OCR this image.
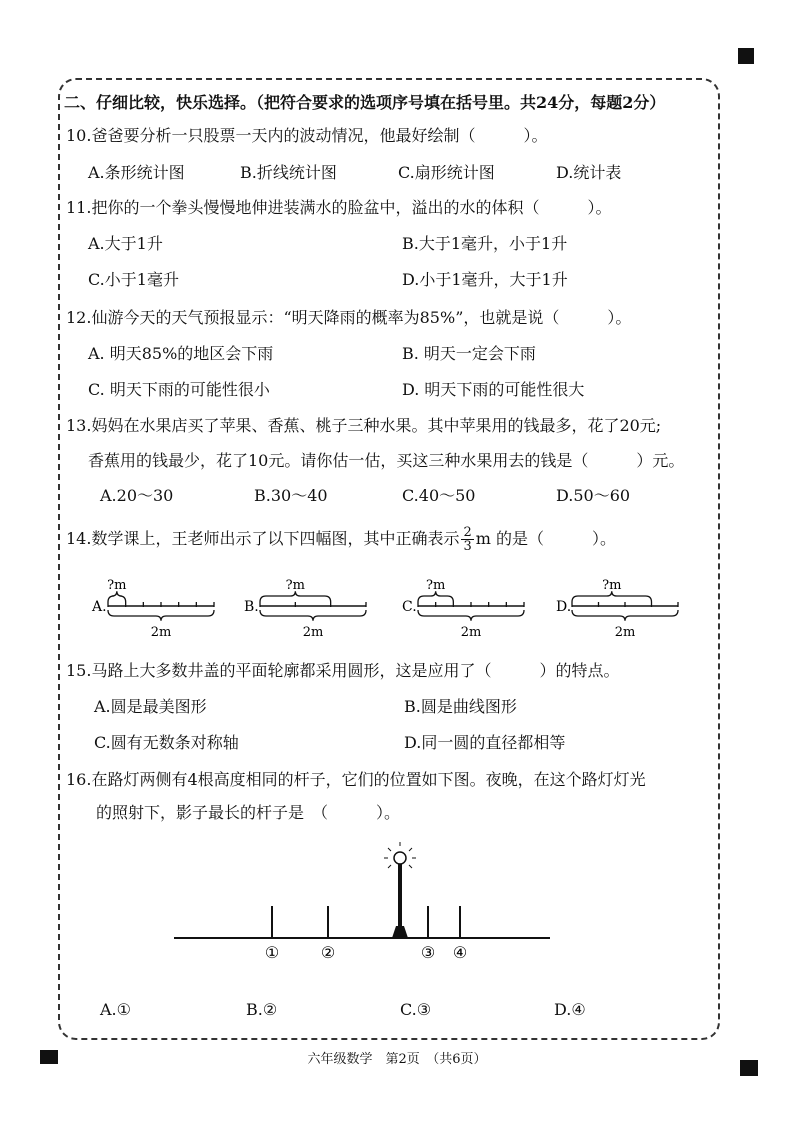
二、仔细比较，快乐选择。（把符合要求的选项序号填在括号里。共24分，每题2分）
10.爸爸要分析一只股票一天内的波动情况，他最好绘制（　　　）。
A.条形统计图	B.折线统计图	C.扇形统计图	D.统计表
11.把你的一个拳头慢慢地伸进装满水的脸盆中，溢出的水的体积（　　　）。
A.大于1升	B.大于1毫升，小于1升
C.小于1毫升	D.小于1毫升，大于1升
12.仙游今天的天气预报显示：“明天降雨的概率为85%”，也就是说（　　　）。
A. 明天85%的地区会下雨	B. 明天一定会下雨
C. 明天下雨的可能性很小	D. 明天下雨的可能性很大
13.妈妈在水果店买了苹果、香蕉、桃子三种水果。其中苹果用的钱最多，花了20元;
香蕉用的钱最少，花了10元。请你估一估，买这三种水果用去的钱是（　　　）元。
A.20～30	B.30～40	C.40～50	D.50～60
14.数学课上，王老师出示了以下四幅图，其中正确表示 $\frac{2}{3}$ m 的是（　　　）。
A.
?m
2m
B.
?m
2m
C.
?m
2m
D.
?m
2m
15.马路上大多数井盖的平面轮廓都采用圆形，这是应用了（　　　）的特点。
A.圆是最美图形	B.圆是曲线图形
C.圆有无数条对称轴	D.同一圆的直径都相等
16.在路灯两侧有4根高度相同的杆子，它们的位置如下图。夜晚，在这个路灯灯光
的照射下，影子最长的杆子是　（　　　）。
①	②	③ ④
A.①	B.②	C.③	D.④
六年级数学　第2页　（共6页）
